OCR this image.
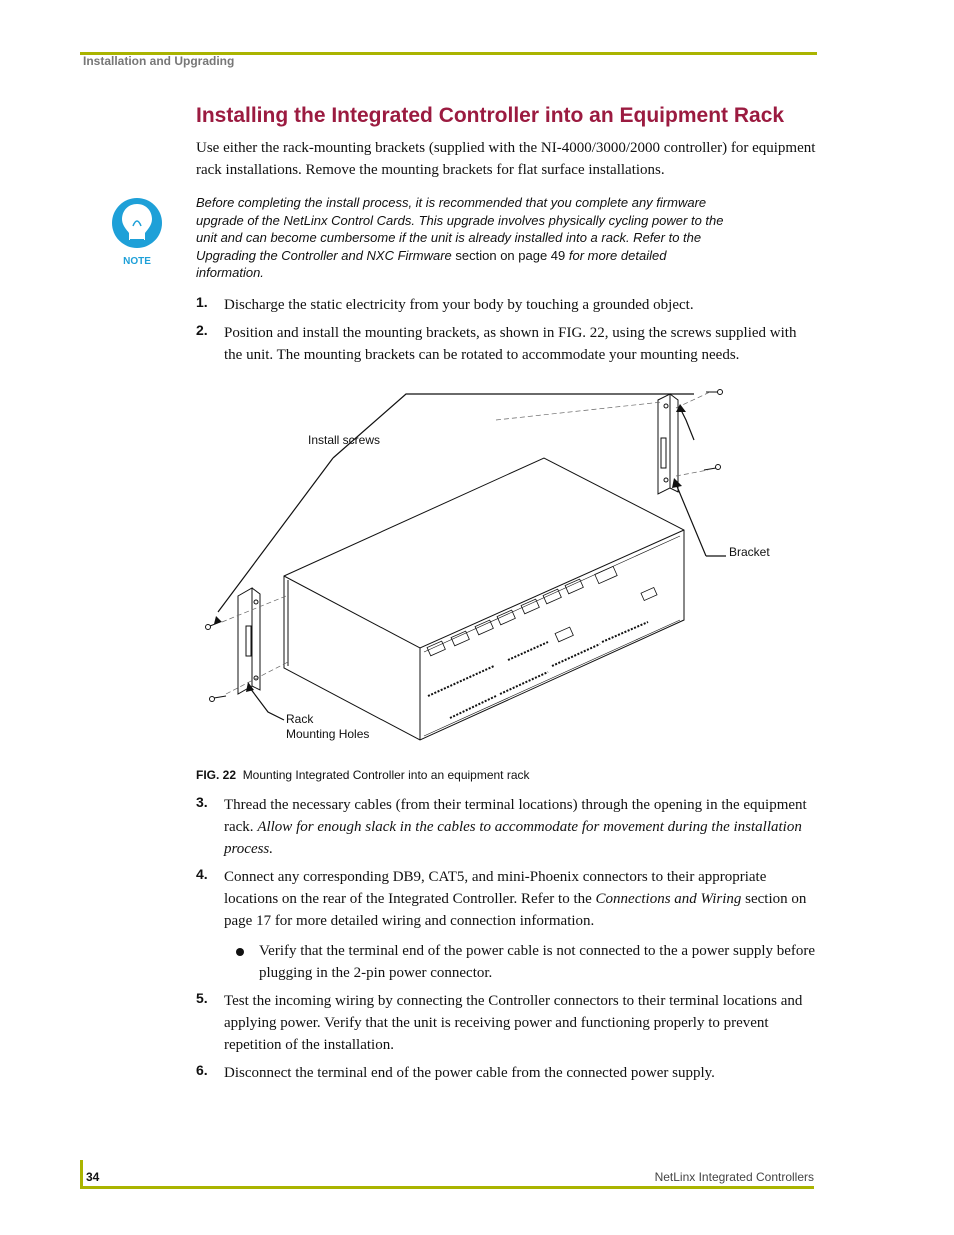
Installation and Upgrading
Installing the Integrated Controller into an Equipment Rack
Use either the rack-mounting brackets (supplied with the NI-4000/3000/2000 controller) for equipment rack installations. Remove the mounting brackets for flat surface installations.
NOTE
Before completing the install process, it is recommended that you complete any firmware upgrade of the NetLinx Control Cards. This upgrade involves physically cycling power to the unit and can become cumbersome if the unit is already installed into a rack. Refer to the Upgrading the Controller and NXC Firmware section on page 49 for more detailed information.
1. Discharge the static electricity from your body by touching a grounded object.
2. Position and install the mounting brackets, as shown in FIG. 22, using the screws supplied with the unit. The mounting brackets can be rotated to accommodate your mounting needs.
Install screws
Bracket
Rack
Mounting Holes
FIG. 22 Mounting Integrated Controller into an equipment rack
3. Thread the necessary cables (from their terminal locations) through the opening in the equipment rack. Allow for enough slack in the cables to accommodate for movement during the installation process.
4. Connect any corresponding DB9, CAT5, and mini-Phoenix connectors to their appropriate locations on the rear of the Integrated Controller. Refer to the Connections and Wiring section on page 17 for more detailed wiring and connection information.
Verify that the terminal end of the power cable is not connected to the a power supply before plugging in the 2-pin power connector.
5. Test the incoming wiring by connecting the Controller connectors to their terminal locations and applying power. Verify that the unit is receiving power and functioning properly to prevent repetition of the installation.
6. Disconnect the terminal end of the power cable from the connected power supply.
34	NetLinx Integrated Controllers
